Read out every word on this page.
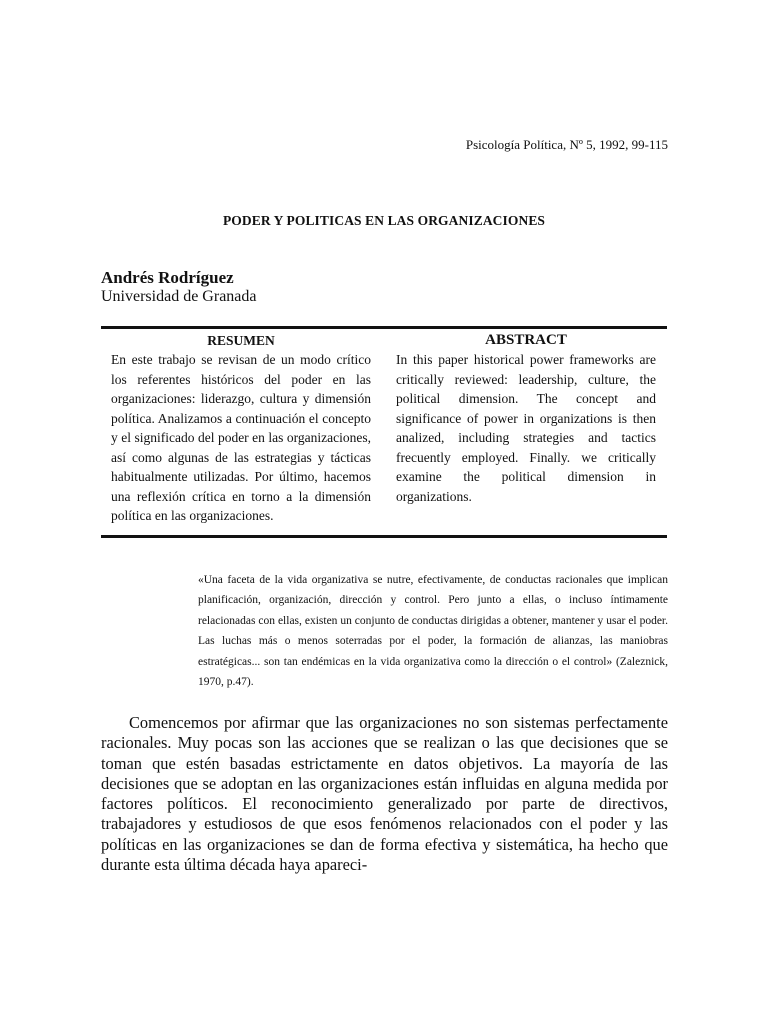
Psicología Política, Nº 5, 1992, 99-115
PODER Y POLITICAS EN LAS ORGANIZACIONES
Andrés Rodríguez
Universidad de Granada
RESUMEN
En este trabajo se revisan de un modo crítico los referentes históricos del poder en las organizaciones: liderazgo, cultura y dimensión política. Analizamos a continuación el concepto y el significado del poder en las organizaciones, así como algunas de las estrategias y tácticas habitualmente utilizadas. Por último, hacemos una reflexión crítica en torno a la dimensión política en las organizaciones.
ABSTRACT
In this paper historical power frameworks are critically reviewed: leadership, culture, the political dimension. The concept and significance of power in organizations is then analized, including strategies and tactics frecuently employed. Finally. we critically examine the political dimension in organizations.
«Una faceta de la vida organizativa se nutre, efectivamente, de conductas racionales que implican planificación, organización, dirección y control. Pero junto a ellas, o incluso íntimamente relacionadas con ellas, existen un conjunto de conductas dirigidas a obtener, mantener y usar el poder. Las luchas más o menos soterradas por el poder, la formación de alianzas, las maniobras estratégicas... son tan endémicas en la vida organizativa como la dirección o el control» (Zaleznick, 1970, p.47).

Comencemos por afirmar que las organizaciones no son sistemas perfectamente racionales. Muy pocas son las acciones que se realizan o las que decisiones que se toman que estén basadas estrictamente en datos objetivos. La mayoría de las decisiones que se adoptan en las organizaciones están influidas en alguna medida por factores políticos. El reconocimiento generalizado por parte de directivos, trabajadores y estudiosos de que esos fenómenos relacionados con el poder y las políticas en las organizaciones se dan de forma efectiva y sistemática, ha hecho que durante esta última década haya apareci-
